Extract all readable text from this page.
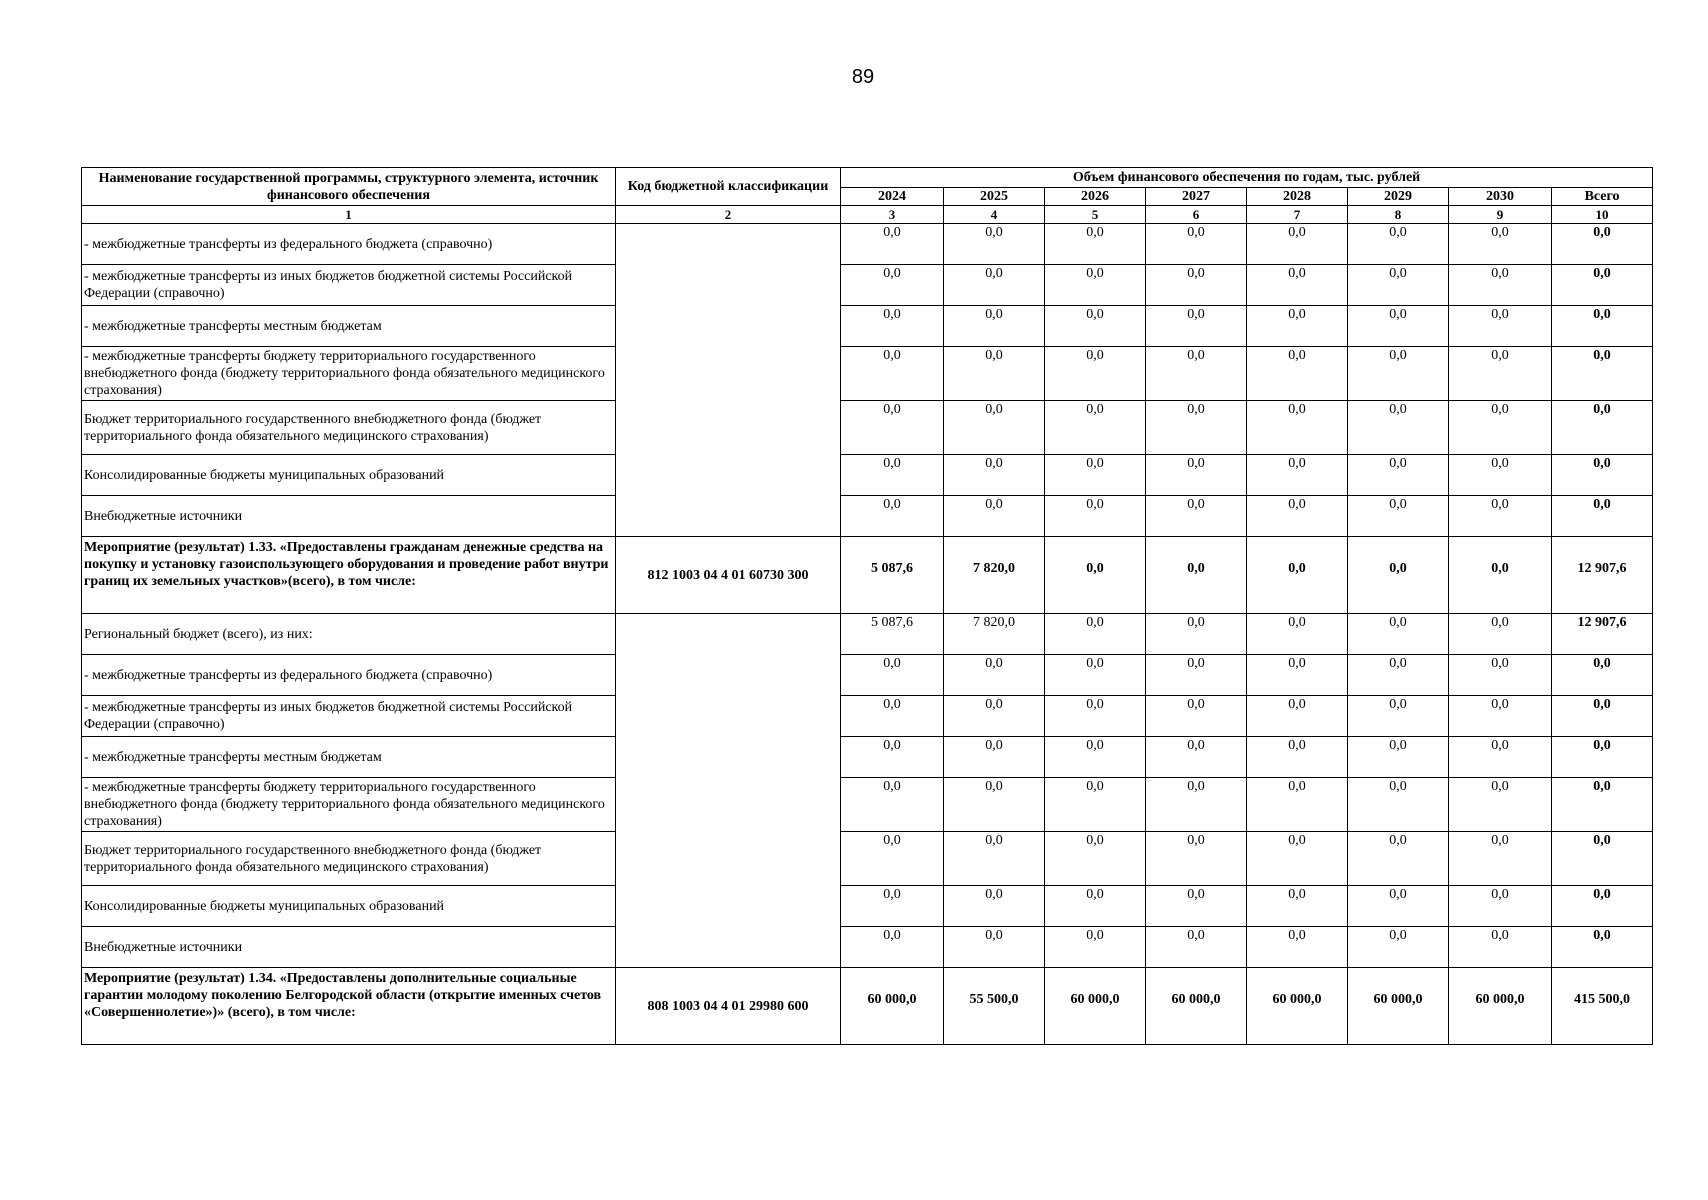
89
Наименование государственной программы, структурного элемента, источник финансового обеспечения	Код бюджетной классификации	Объем финансового обеспечения по годам, тыс. рублей							
		2024	2025	2026	2027	2028	2029	2030	Всего
1	2	3	4	5	6	7	8	9	10
- межбюджетные трансферты из федерального бюджета (справочно)		0,0	0,0	0,0	0,0	0,0	0,0	0,0	0,0
- межбюджетные трансферты из иных бюджетов бюджетной системы Российской Федерации (справочно)		0,0	0,0	0,0	0,0	0,0	0,0	0,0	0,0
- межбюджетные трансферты местным бюджетам		0,0	0,0	0,0	0,0	0,0	0,0	0,0	0,0
- межбюджетные трансферты бюджету территориального государственного внебюджетного фонда (бюджету территориального фонда обязательного медицинского страхования)		0,0	0,0	0,0	0,0	0,0	0,0	0,0	0,0
Бюджет территориального государственного внебюджетного фонда (бюджет территориального фонда обязательного медицинского страхования)		0,0	0,0	0,0	0,0	0,0	0,0	0,0	0,0
Консолидированные бюджеты муниципальных образований		0,0	0,0	0,0	0,0	0,0	0,0	0,0	0,0
Внебюджетные источники		0,0	0,0	0,0	0,0	0,0	0,0	0,0	0,0
Мероприятие (результат) 1.33. «Предоставлены гражданам денежные средства на покупку и установку газоиспользующего оборудования и проведение работ внутри границ их земельных участков»(всего), в том числе:	812 1003 04 4 01 60730 300	5 087,6	7 820,0	0,0	0,0	0,0	0,0	0,0	12 907,6
Региональный бюджет (всего), из них:		5 087,6	7 820,0	0,0	0,0	0,0	0,0	0,0	12 907,6
- межбюджетные трансферты из федерального бюджета (справочно)		0,0	0,0	0,0	0,0	0,0	0,0	0,0	0,0
- межбюджетные трансферты из иных бюджетов бюджетной системы Российской Федерации (справочно)		0,0	0,0	0,0	0,0	0,0	0,0	0,0	0,0
- межбюджетные трансферты местным бюджетам		0,0	0,0	0,0	0,0	0,0	0,0	0,0	0,0
- межбюджетные трансферты бюджету территориального государственного внебюджетного фонда (бюджету территориального фонда обязательного медицинского страхования)		0,0	0,0	0,0	0,0	0,0	0,0	0,0	0,0
Бюджет территориального государственного внебюджетного фонда (бюджет территориального фонда обязательного медицинского страхования)		0,0	0,0	0,0	0,0	0,0	0,0	0,0	0,0
Консолидированные бюджеты муниципальных образований		0,0	0,0	0,0	0,0	0,0	0,0	0,0	0,0
Внебюджетные источники		0,0	0,0	0,0	0,0	0,0	0,0	0,0	0,0
Мероприятие (результат) 1.34. «Предоставлены дополнительные социальные гарантии молодому поколению Белгородской области (открытие именных счетов «Совершеннолетие»)» (всего), в том числе:	808 1003 04 4 01 29980 600	60 000,0	55 500,0	60 000,0	60 000,0	60 000,0	60 000,0	60 000,0	415 500,0
